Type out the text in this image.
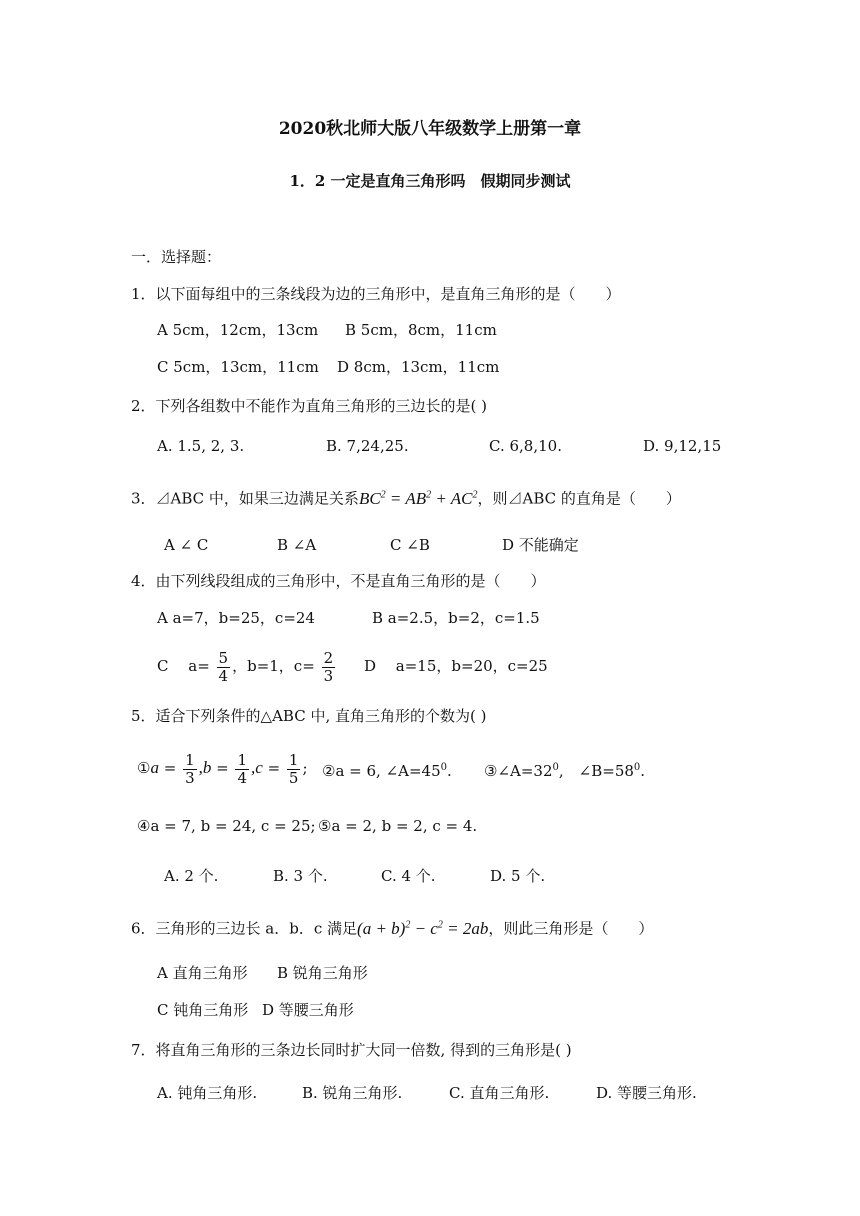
2020秋北师大版八年级数学上册第一章
1．2 一定是直角三角形吗　假期同步测试
一．选择题：
1．以下面每组中的三条线段为边的三角形中，是直角三角形的是（　　）
A 5cm，12cm，13cm B 5cm，8cm，11cm
C 5cm，13cm，11cm D 8cm，13cm，11cm
2．下列各组数中不能作为直角三角形的三边长的是( )
A. 1.5, 2, 3.	B. 7,24,25.	C. 6,8,10.	D. 9,12,15
3．⊿ABC 中，如果三边满足关系$BC^2 = AB^2 + AC^2$，则⊿ABC 的直角是（　　）
A ∠ C	B ∠A	C ∠B	D 不能确定
4．由下列线段组成的三角形中，不是直角三角形的是（　　）
A a=7，b=25，c=24	B a=2.5，b=2，c=1.5
C　 $a= \frac{5}{4}$ ，b=1，$c= \frac{2}{3}$ D　 a=15，b=20，c=25
5．适合下列条件的△ABC 中, 直角三角形的个数为( )
①a = $\frac{1}{3} ,b = \frac{1}{4} ,c = \frac{1}{5}$ ; ②a = 6, $\angle A=45^0$. $③\angle A=32^0$,　$\angle B=58^0$.
④a = 7, b = 24, c = 25; ⑤a = 2, b = 2, c = 4.
A. 2 个.	B. 3 个.	C. 4 个.	D. 5 个.
6．三角形的三边长 a．b．c 满足$(a + b)^2 - c^2 = 2ab$，则此三角形是（　　）
A 直角三角形 B 锐角三角形
C 钝角三角形 D 等腰三角形
7．将直角三角形的三条边长同时扩大同一倍数, 得到的三角形是( )
A. 钝角三角形.	B. 锐角三角形.	C. 直角三角形.	D. 等腰三角形.
